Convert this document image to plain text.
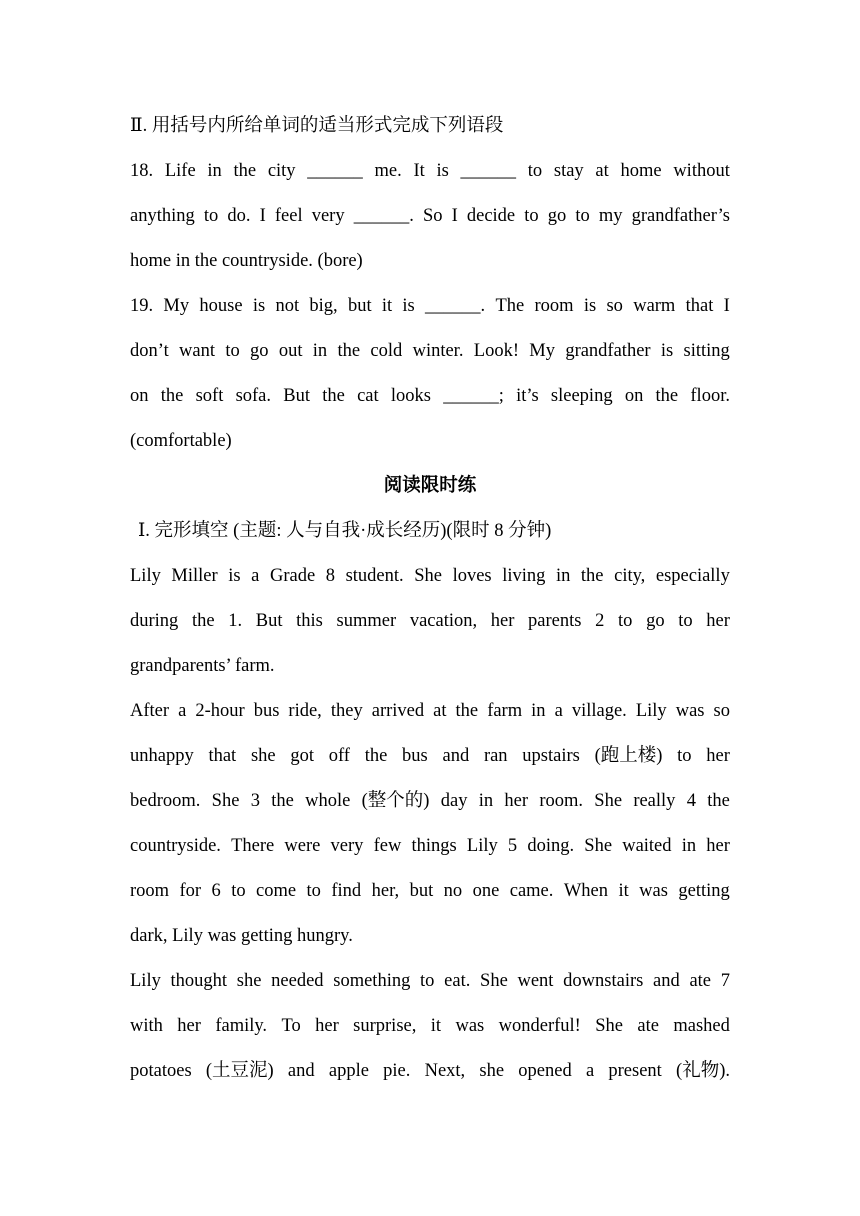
Ⅱ. 用括号内所给单词的适当形式完成下列语段
18. Life in the city ______ me. It is ______ to stay at home without
anything to do. I feel very ______. So I decide to go to my grandfather’s
home in the countryside. (bore)
19. My house is not big, but it is ______. The room is so warm that I
don’t want to go out in the cold winter. Look! My grandfather is sitting
on the soft sofa. But the cat looks ______; it’s sleeping on the floor.
(comfortable)
阅读限时练
Ⅰ. 完形填空 (主题: 人与自我·成长经历)(限时 8 分钟)
Lily Miller is a Grade 8 student. She loves living in the city, especially
during the 1. But this summer vacation, her parents 2 to go to her
grandparents’ farm.
After a 2-hour bus ride, they arrived at the farm in a village. Lily was so
unhappy that she got off the bus and ran upstairs (跑上楼) to her
bedroom. She 3 the whole (整个的) day in her room. She really 4 the
countryside. There were very few things Lily 5 doing. She waited in her
room for 6 to come to find her, but no one came. When it was getting
dark, Lily was getting hungry.
Lily thought she needed something to eat. She went downstairs and ate 7
with her family. To her surprise, it was wonderful! She ate mashed
potatoes (土豆泥) and apple pie. Next, she opened a present (礼物).
